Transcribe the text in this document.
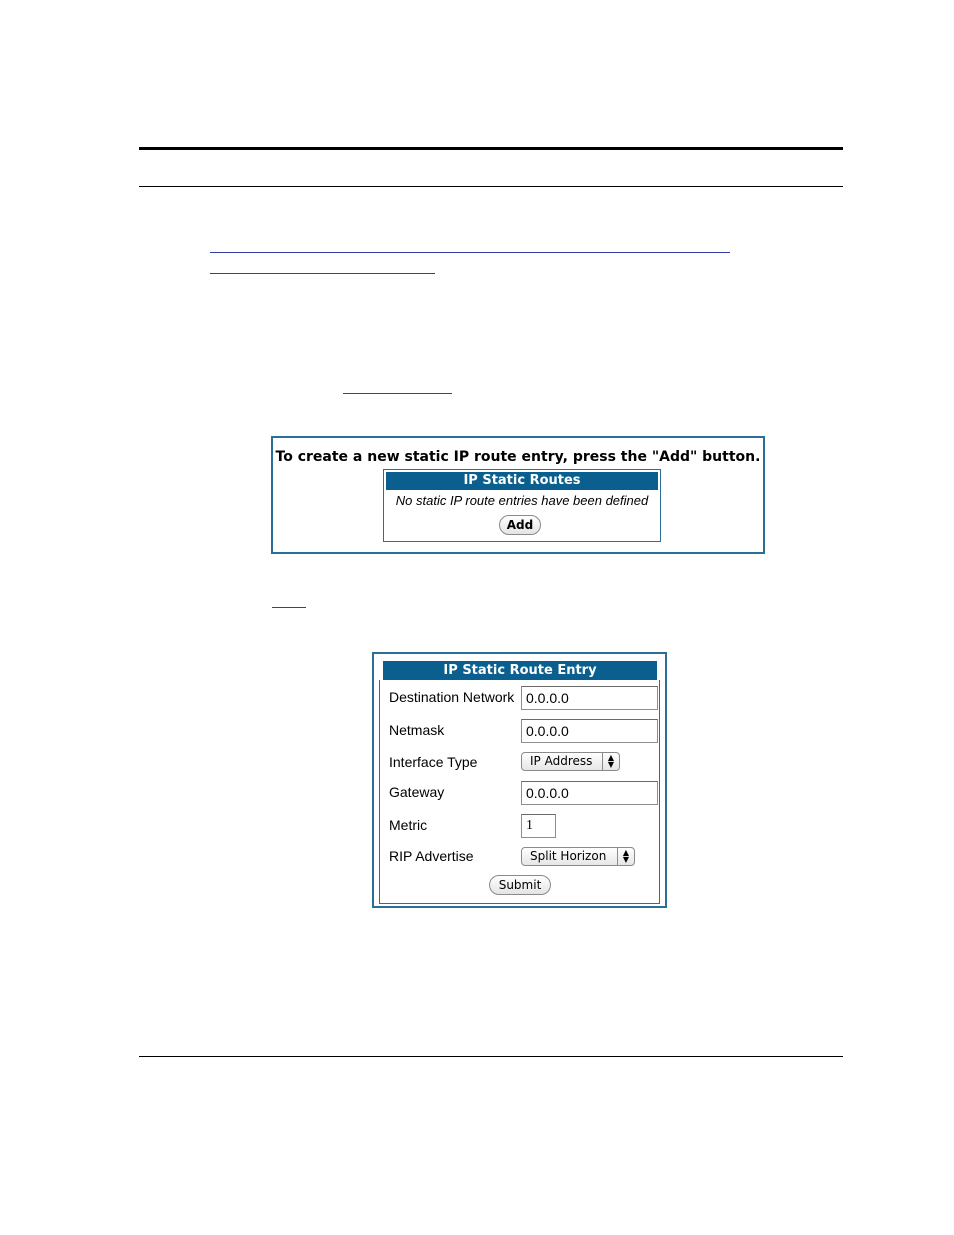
To create a new static IP route entry, press the "Add" button.
IP Static Routes
No static IP route entries have been defined
Add
IP Static Route Entry
Destination Network 0.0.0.0
Netmask	0.0.0.0
Interface Type	IP Address	▲
▼
Gateway	0.0.0.0
Metric	1
RIP Advertise	Split Horizon	▲
▼
Submit
